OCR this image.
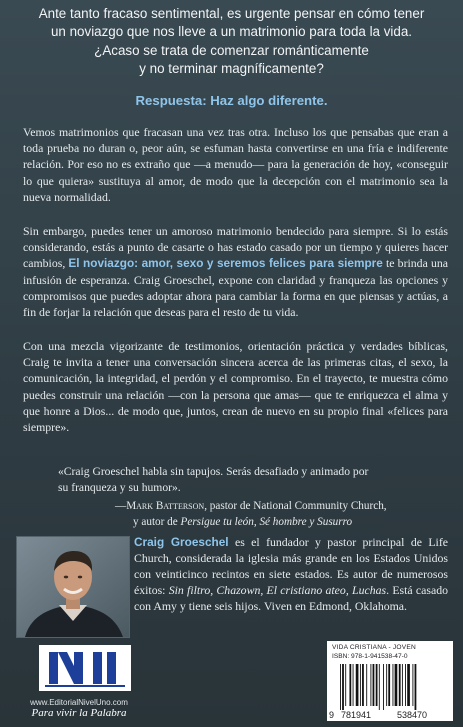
Ante tanto fracaso sentimental, es urgente pensar en cómo tener

un noviazgo que nos lleve a un matrimonio para toda la vida.

¿Acaso se trata de comenzar románticamente

y no terminar magníficamente?

Respuesta: Haz algo diferente.

Vemos matrimonios que fracasan una vez tras otra. Incluso los que pensabas que eran a toda prueba no duran o, peor aún, se esfuman hasta convertirse en una fría e indiferente relación. Por eso no es extraño que —a menudo— para la generación de hoy, «conseguir lo que quiera» sustituya al amor, de modo que la decepción con el matrimonio sea la nueva normalidad.

Sin embargo, puedes tener un amoroso matrimonio bendecido para siempre. Si lo estás considerando, estás a punto de casarte o has estado casado por un tiempo y quieres hacer cambios, El noviazgo: amor, sexo y seremos felices para siempre te brinda una infusión de esperanza. Craig Groeschel, expone con claridad y franqueza las opciones y compromisos que puedes adoptar ahora para cambiar la forma en que piensas y actúas, a fin de forjar la relación que deseas para el resto de tu vida.

Con una mezcla vigorizante de testimonios, orientación práctica y verdades bíblicas, Craig te invita a tener una conversación sincera acerca de las primeras citas, el sexo, la comunicación, la integridad, el perdón y el compromiso. En el trayecto, te muestra cómo puedes construir una relación —con la persona que amas— que te enriquezca el alma y que honre a Dios... de modo que, juntos, crean de nuevo en su propio final «felices para siempre».

«Craig Groeschel habla sin tapujos. Serás desafiado y animado por

su franqueza y su humor».

—Mark Batterson, pastor de National Community Church,

y autor de Persigue tu león, Sé hombre y Susurro

Craig Groeschel es el fundador y pastor principal de Life Church, considerada la iglesia más grande en los Estados Unidos con veinticinco recintos en siete estados. Es autor de numerosos éxitos: Sin filtro, Chazown, El cristiano ateo, Luchas. Está casado con Amy y tiene seis hijos. Viven en Edmond, Oklahoma.

www.EditorialNivelUno.com
Para vivir la Palabra
VIDA CRISTIANA - JOVEN
ISBN: 978-1-941538-47-0
9 781941	538470
